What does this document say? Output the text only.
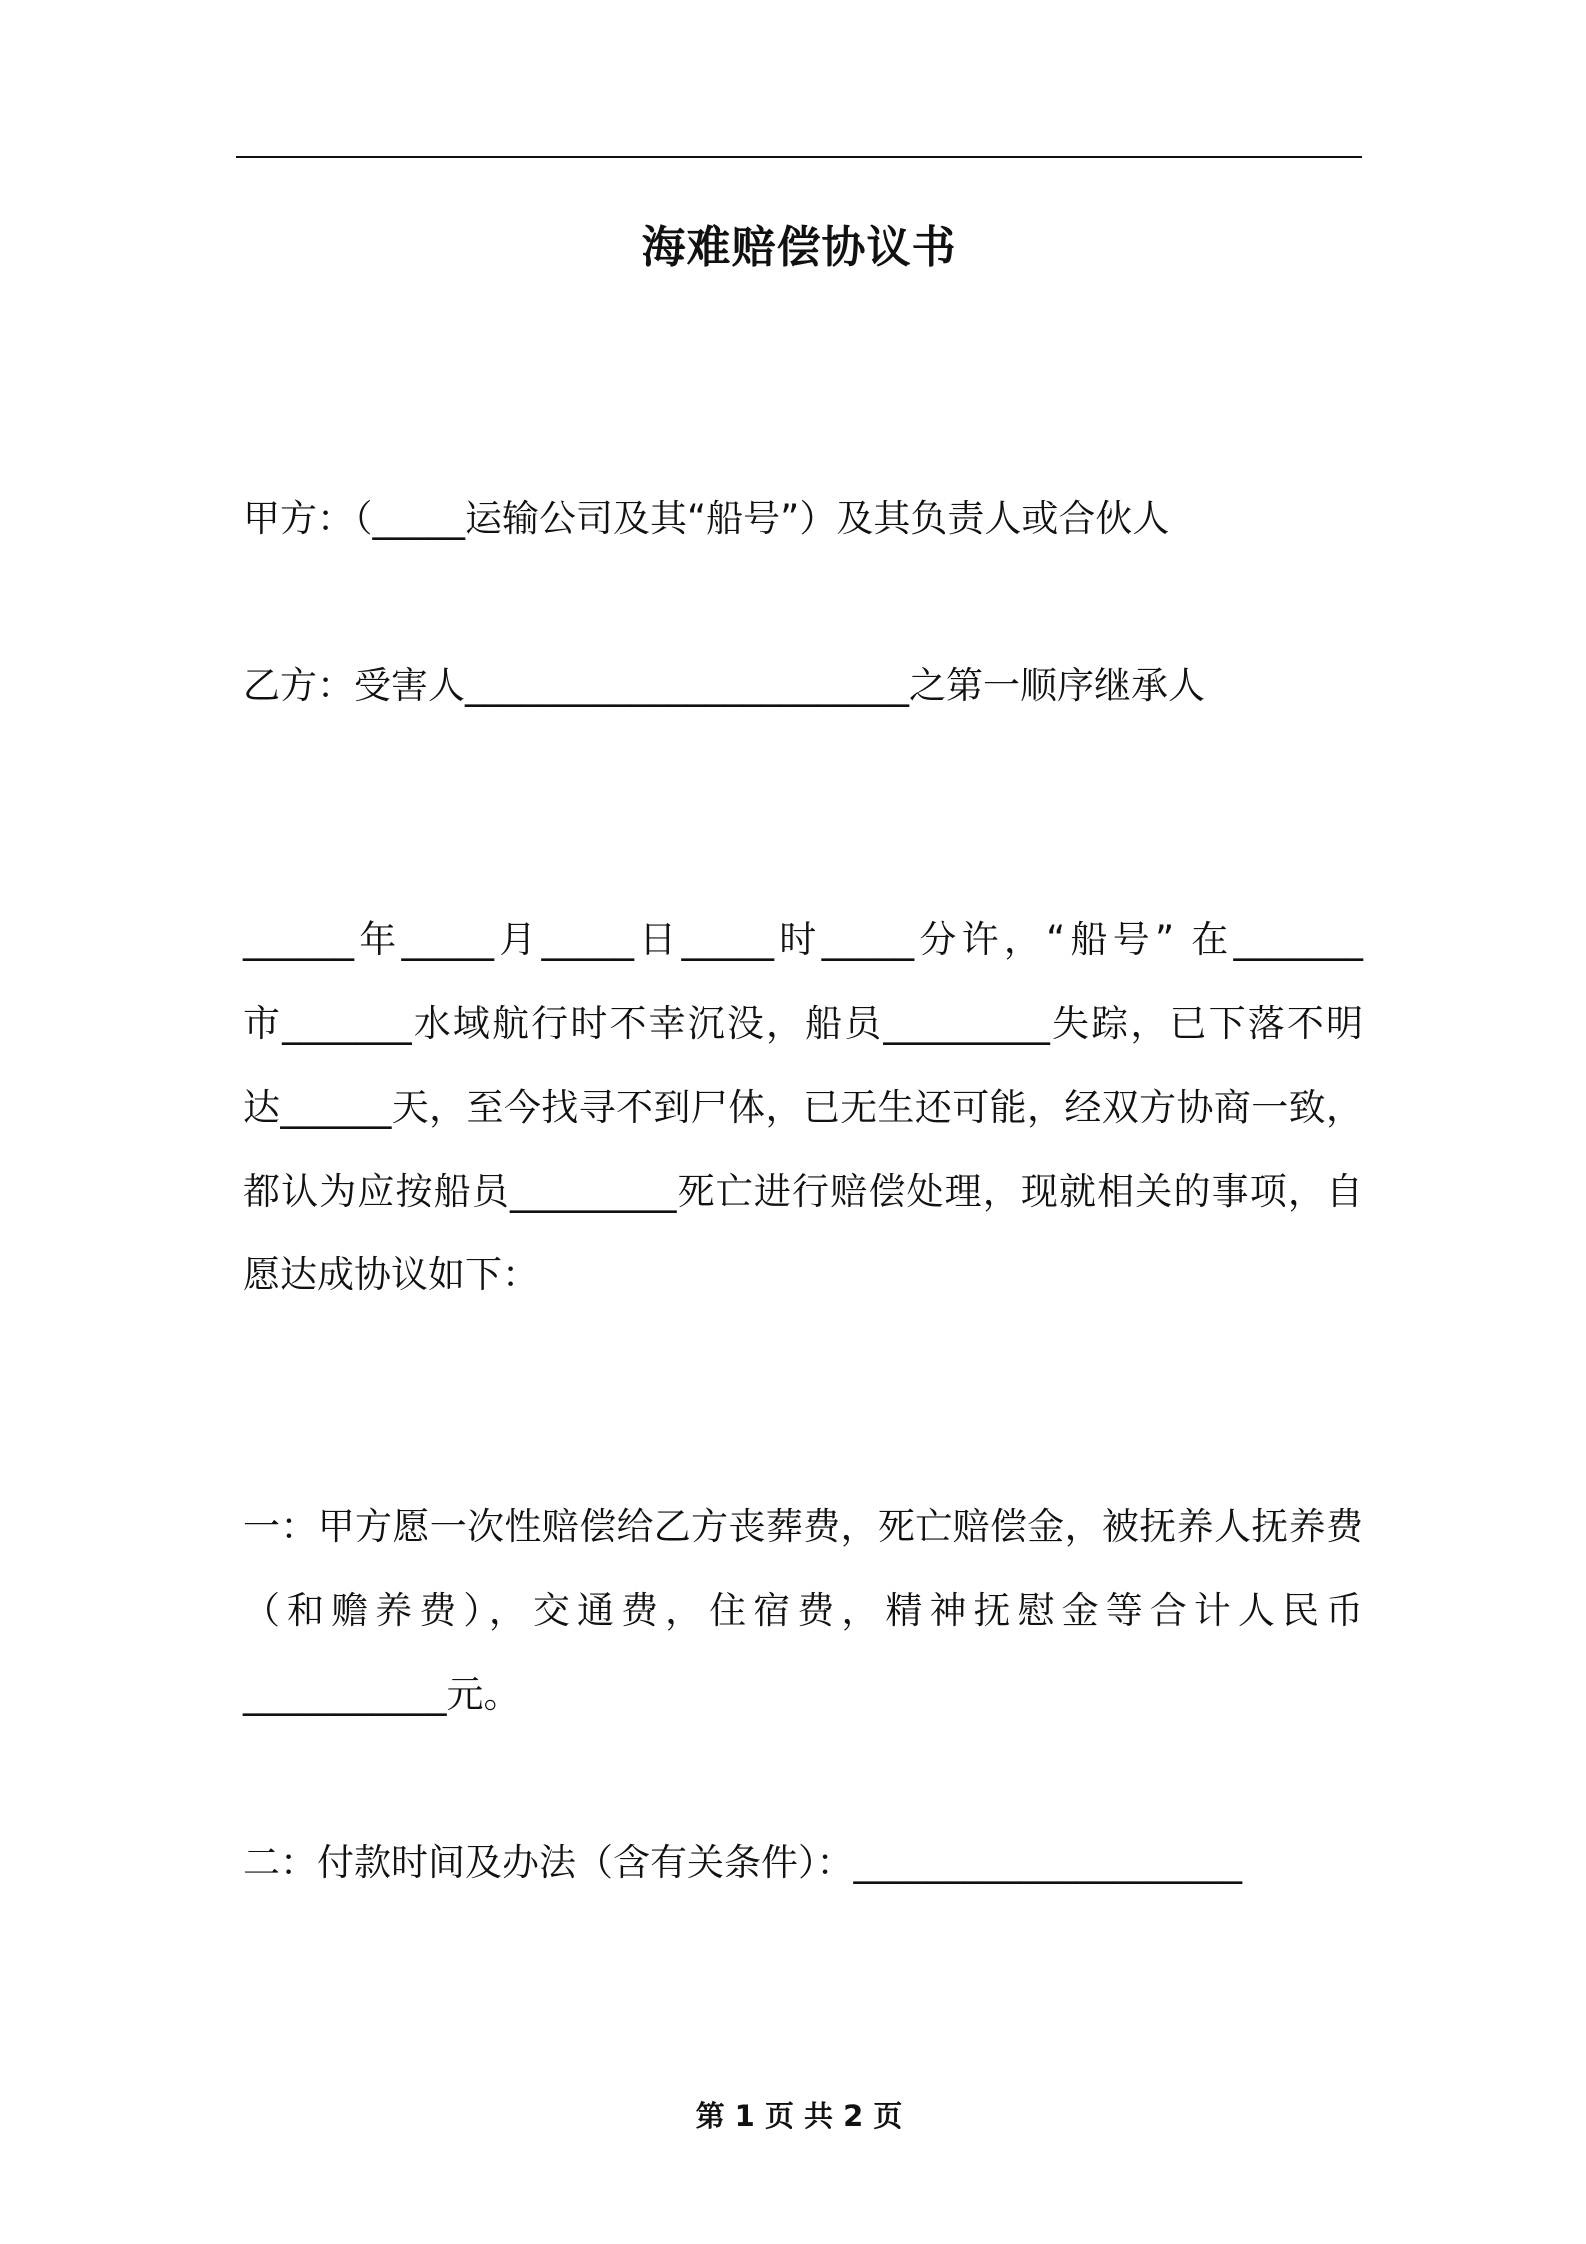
海难赔偿协议书
甲方：（_____运输公司及其“船号”）及其负责人或合伙人
乙方：受害人________________________之第一顺序继承人
______年_____月_____日_____时_____分许，“船号” 在_______
市_______水域航行时不幸沉没，船员_________失踪，已下落不明
达______天，至今找寻不到尸体，已无生还可能，经双方协商一致，
都认为应按船员_________死亡进行赔偿处理，现就相关的事项，自
愿达成协议如下：
一：甲方愿一次性赔偿给乙方丧葬费，死亡赔偿金，被抚养人抚养费
（和赡养费），交通费，住宿费，精神抚慰金等合计人民币
___________元。
二：付款时间及办法（含有关条件）：_____________________
第 1 页 共 2 页
